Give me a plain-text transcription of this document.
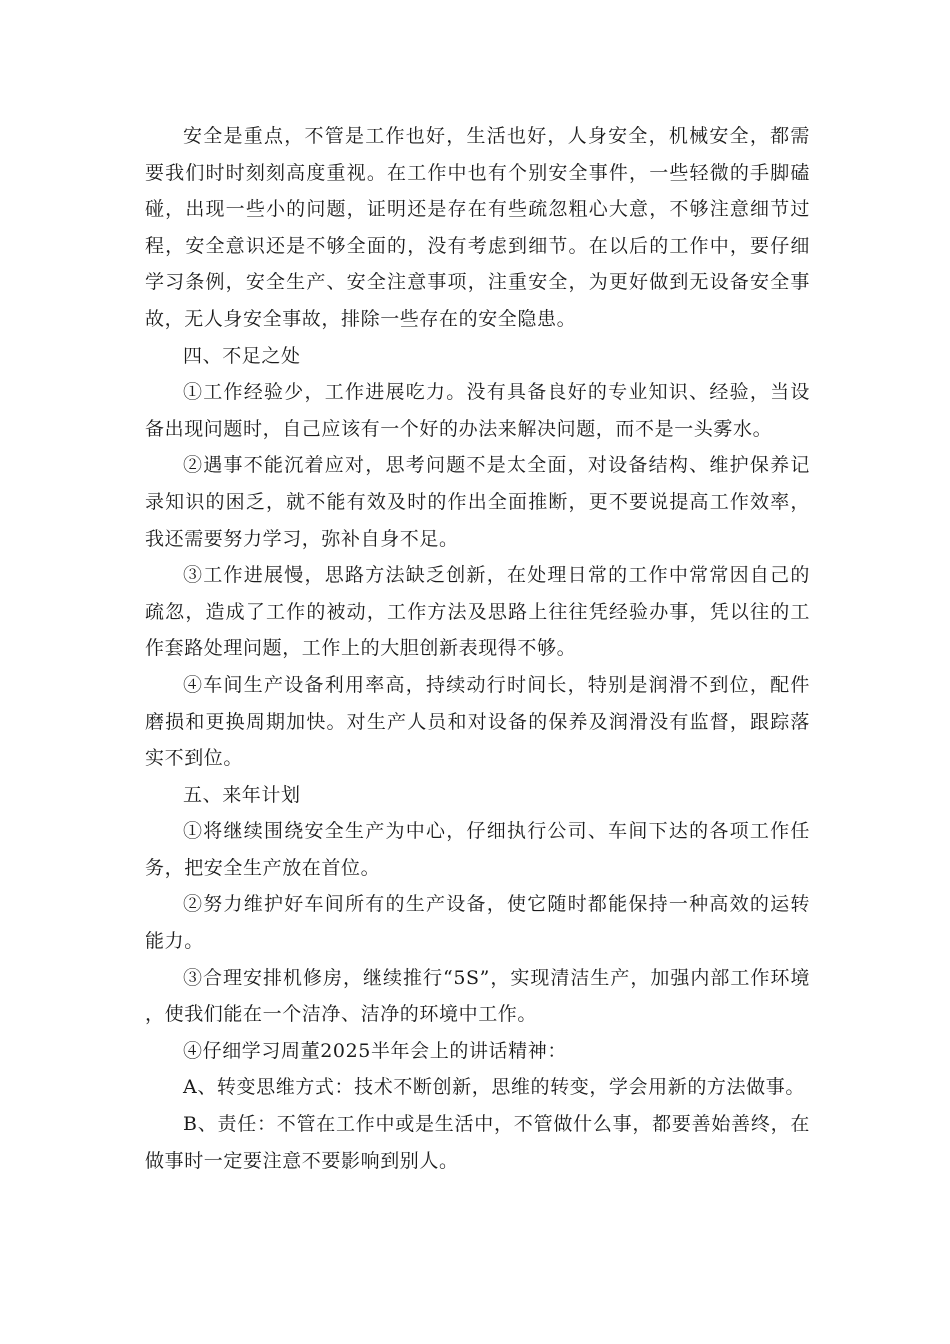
安全是重点，不管是工作也好，生活也好，人身安全，机械安全，都需要我们时时刻刻高度重视。在工作中也有个别安全事件，一些轻微的手脚磕碰，出现一些小的问题，证明还是存在有些疏忽粗心大意，不够注意细节过程，安全意识还是不够全面的，没有考虑到细节。在以后的工作中，要仔细学习条例，安全生产、安全注意事项，注重安全，为更好做到无设备安全事故，无人身安全事故，排除一些存在的安全隐患。

四、不足之处

①工作经验少，工作进展吃力。没有具备良好的专业知识、经验，当设备出现问题时，自己应该有一个好的办法来解决问题，而不是一头雾水。

②遇事不能沉着应对，思考问题不是太全面，对设备结构、维护保养记录知识的困乏，就不能有效及时的作出全面推断，更不要说提高工作效率，我还需要努力学习，弥补自身不足。

③工作进展慢，思路方法缺乏创新，在处理日常的工作中常常因自己的疏忽，造成了工作的被动，工作方法及思路上往往凭经验办事，凭以往的工作套路处理问题，工作上的大胆创新表现得不够。

④车间生产设备利用率高，持续动行时间长，特别是润滑不到位，配件磨损和更换周期加快。对生产人员和对设备的保养及润滑没有监督，跟踪落实不到位。

五、来年计划

①将继续围绕安全生产为中心，仔细执行公司、车间下达的各项工作任务，把安全生产放在首位。

②努力维护好车间所有的生产设备，使它随时都能保持一种高效的运转能力。

③合理安排机修房，继续推行“5S”，实现清洁生产，加强内部工作环境，使我们能在一个洁净、洁净的环境中工作。

④仔细学习周董2025半年会上的讲话精神：

A、转变思维方式：技术不断创新，思维的转变，学会用新的方法做事。

B、责任：不管在工作中或是生活中，不管做什么事，都要善始善终，在做事时一定要注意不要影响到别人。
